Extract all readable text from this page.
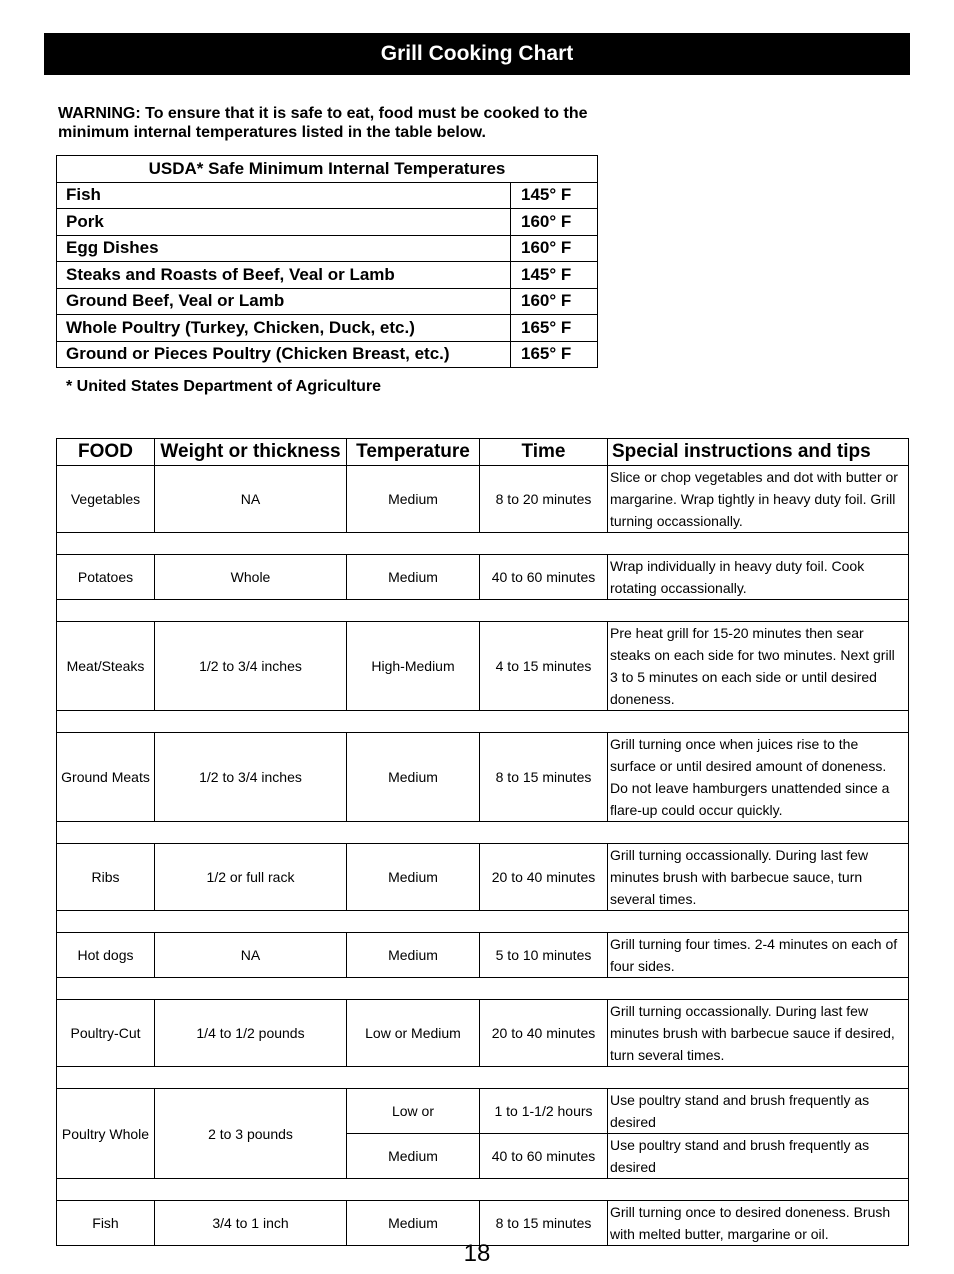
Grill Cooking Chart
WARNING: To ensure that it is safe to eat, food must be cooked to the minimum internal temperatures listed in the table below.
USDA* Safe Minimum Internal Temperatures	
Fish	145° F
Pork	160° F
Egg Dishes	160° F
Steaks and Roasts of Beef, Veal or Lamb	145° F
Ground Beef, Veal or Lamb	160° F
Whole Poultry (Turkey, Chicken, Duck, etc.)	165° F
Ground or Pieces Poultry (Chicken Breast, etc.)	165° F
* United States Department of Agriculture
FOOD	Weight or thickness	Temperature	Time	Special instructions and tips
Vegetables	NA	Medium	8 to 20 minutes	Slice or chop vegetables and dot with butter or margarine. Wrap tightly in heavy duty foil. Grill turning occassionally.

Potatoes	Whole	Medium	40 to 60 minutes	Wrap individually in heavy duty foil. Cook rotating occassionally.

Meat/Steaks	1/2 to 3/4 inches	High-Medium	4 to 15 minutes	Pre heat grill for 15-20 minutes then sear steaks on each side for two minutes. Next grill 3 to 5 minutes on each side or until desired doneness.

Ground Meats	1/2 to 3/4 inches	Medium	8 to 15 minutes	Grill turning once when juices rise to the surface or until desired amount of doneness. Do not leave hamburgers unattended since a flare-up could occur quickly.

Ribs	1/2 or full rack	Medium	20 to 40 minutes	Grill turning occassionally. During last few minutes brush with barbecue sauce, turn several times.

Hot dogs	NA	Medium	5 to 10 minutes	Grill turning four times. 2-4 minutes on each of four sides.

Poultry-Cut	1/4 to 1/2 pounds	Low or Medium	20 to 40 minutes	Grill turning occassionally. During last few minutes brush with barbecue sauce if desired, turn several times.

Poultry Whole	2 to 3 pounds	Low or	1 to 1-1/2 hours	Use poultry stand and brush frequently as desired
		Medium	40 to 60 minutes	Use poultry stand and brush frequently as desired

Fish	3/4 to 1 inch	Medium	8 to 15 minutes	Grill turning once to desired doneness. Brush with melted butter, margarine or oil.
18
